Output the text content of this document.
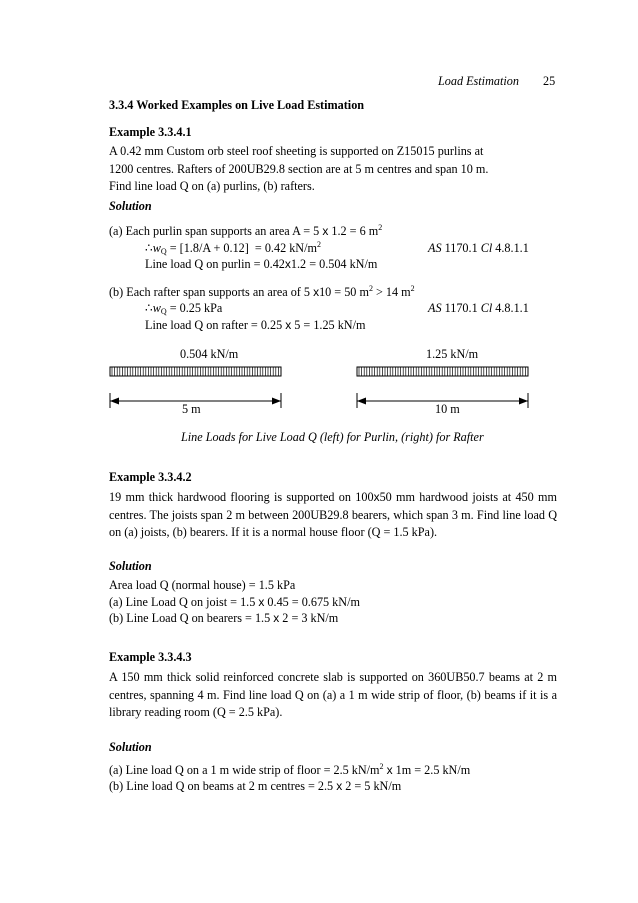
Load Estimation 25
3.3.4 Worked Examples on Live Load Estimation
Example 3.3.4.1
A 0.42 mm Custom orb steel roof sheeting is supported on Z15015 purlins at 1200 centres. Rafters of 200UB29.8 section are at 5 m centres and span 10 m. Find line load Q on (a) purlins, (b) rafters.
Solution
(a) Each purlin span supports an area A = 5 x 1.2 = 6 $m^2$
$\therefore w_Q = [1.8/A + 0.12] = 0.42$ $kN/m^2$	AS 1170.1 Cl 4.8.1.1
Line load Q on purlin = 0.42x1.2 = 0.504 kN/m
(b) Each rafter span supports an area of 5 x10 = 50 $m^2 > 14$ $m^2$
$\therefore w_Q = 0.25$ kPa	AS 1170.1 Cl 4.8.1.1
Line load Q on rafter = 0.25 x 5 = 1.25 kN/m
0.504 kN/m	1.25 kN/m
5 m	10 m
Line Loads for Live Load Q (left) for Purlin, (right) for Rafter
Example 3.3.4.2
19 mm thick hardwood flooring is supported on 100x50 mm hardwood joists at 450 mm centres. The joists span 2 m between 200UB29.8 bearers, which span 3 m. Find line load Q on (a) joists, (b) bearers. If it is a normal house floor (Q = 1.5 kPa).
Solution
Area load Q (normal house) = 1.5 kPa
(a) Line Load Q on joist = 1.5 x 0.45 = 0.675 kN/m
(b) Line Load Q on bearers = 1.5 x 2 = 3 kN/m
Example 3.3.4.3
A 150 mm thick solid reinforced concrete slab is supported on 360UB50.7 beams at 2 m centres, spanning 4 m. Find line load Q on (a) a 1 m wide strip of floor, (b) beams if it is a library reading room (Q = 2.5 kPa).
Solution
(a) Line load Q on a 1 m wide strip of floor = 2.5 $kN/m^2$ x 1m = 2.5 kN/m
(b) Line load Q on beams at 2 m centres = 2.5 x 2 = 5 kN/m
